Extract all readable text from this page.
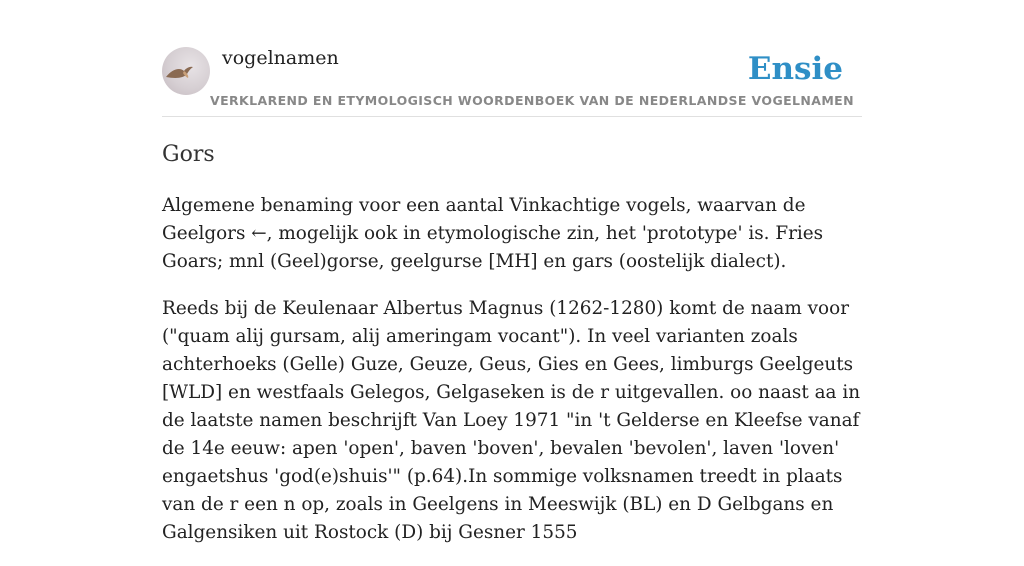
vogelnamen	Ensie
VERKLAREND EN ETYMOLOGISCH WOORDENBOEK VAN DE NEDERLANDSE VOGELNAMEN
Gors

Algemene benaming voor een aantal Vinkachtige vogels, waarvan de Geelgors ←, mogelijk ook in etymologische zin, het 'prototype' is. Fries Goars; mnl (Geel)gorse, geelgurse [MH] en gars (oostelijk dialect).

Reeds bij de Keulenaar Albertus Magnus (1262-1280) komt de naam voor ("quam alij gursam, alij ameringam vocant"). In veel varianten zoals achterhoeks (Gelle) Guze, Geuze, Geus, Gies en Gees, limburgs Geelgeuts [WLD] en westfaals Gelegos, Gelgaseken is de r uitgevallen. oo naast aa in de laatste namen beschrijft Van Loey 1971 "in 't Gelderse en Kleefse vanaf de 14e eeuw: apen 'open', baven 'boven', bevalen 'bevolen', laven 'loven' engaetshus 'god(e)shuis'" (p.64).In sommige volksnamen treedt in plaats van de r een n op, zoals in Geelgens in Meeswijk (BL) en D Gelbgans en Galgensiken uit Rostock (D) bij Gesner 1555
